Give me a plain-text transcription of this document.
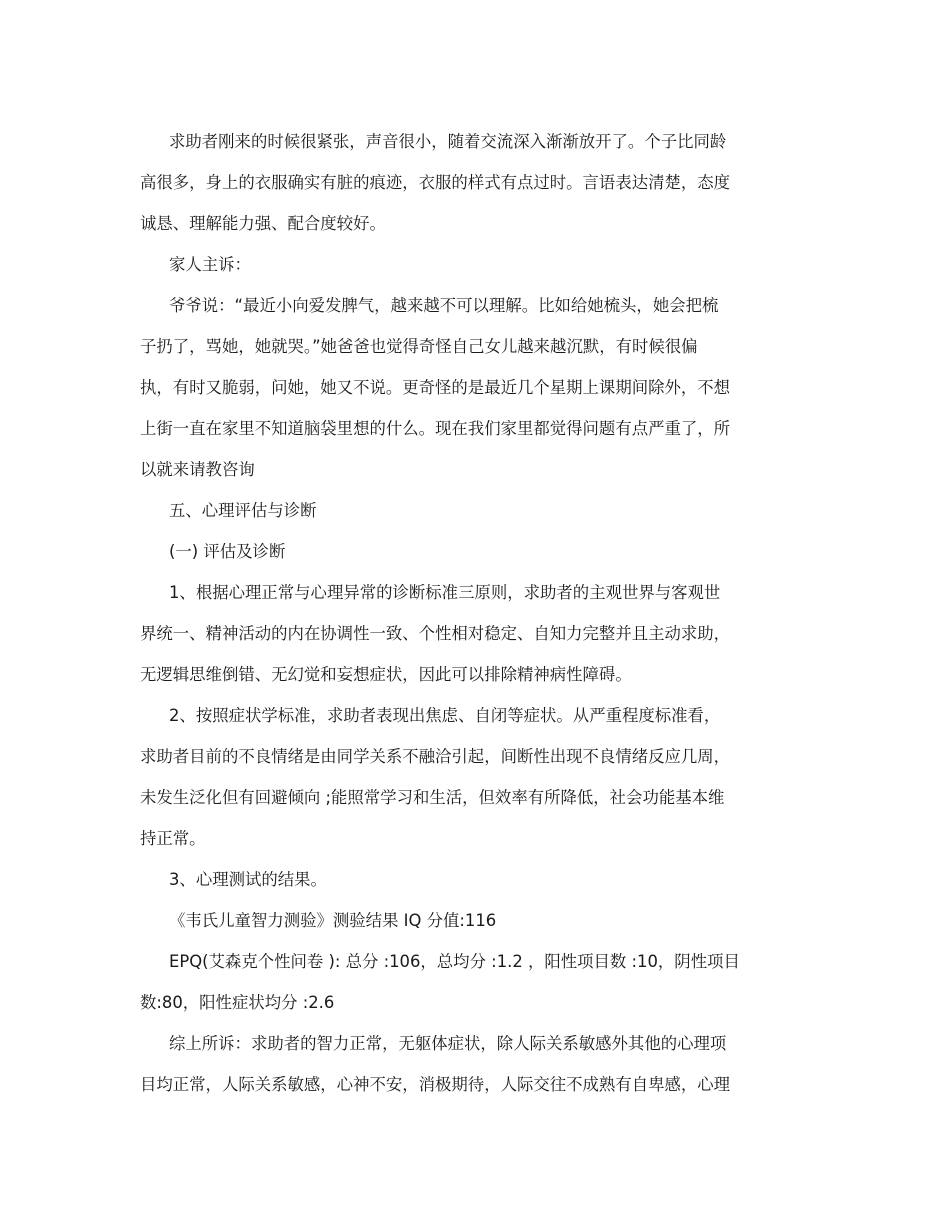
求助者刚来的时候很紧张，声音很小，随着交流深入渐渐放开了。个子比同龄
高很多，身上的衣服确实有脏的痕迹，衣服的样式有点过时。言语表达清楚，态度
诚恳、理解能力强、配合度较好。

家人主诉：

爷爷说：“最近小向爱发脾气，越来越不可以理解。比如给她梳头，她会把梳
子扔了，骂她，她就哭。”她爸爸也觉得奇怪自己女儿越来越沉默，有时候很偏
执，有时又脆弱，问她，她又不说。更奇怪的是最近几个星期上课期间除外，不想
上街一直在家里不知道脑袋里想的什么。现在我们家里都觉得问题有点严重了，所
以就来请教咨询

五、心理评估与诊断

(一) 评估及诊断

1、根据心理正常与心理异常的诊断标准三原则，求助者的主观世界与客观世
界统一、精神活动的内在协调性一致、个性相对稳定、自知力完整并且主动求助，
无逻辑思维倒错、无幻觉和妄想症状，因此可以排除精神病性障碍。

2、按照症状学标准，求助者表现出焦虑、自闭等症状。从严重程度标准看，
求助者目前的不良情绪是由同学关系不融洽引起，间断性出现不良情绪反应几周，
未发生泛化但有回避倾向 ;能照常学习和生活，但效率有所降低，社会功能基本维
持正常。

3、心理测试的结果。

《韦氏儿童智力测验》测验结果 IQ 分值:116

EPQ(艾森克个性问卷 ): 总分 :106，总均分 :1.2 ，阳性项目数 :10，阴性项目
数:80，阳性症状均分 :2.6

综上所诉：求助者的智力正常，无躯体症状，除人际关系敏感外其他的心理项
目均正常，人际关系敏感，心神不安，消极期待，人际交往不成熟有自卑感，心理
